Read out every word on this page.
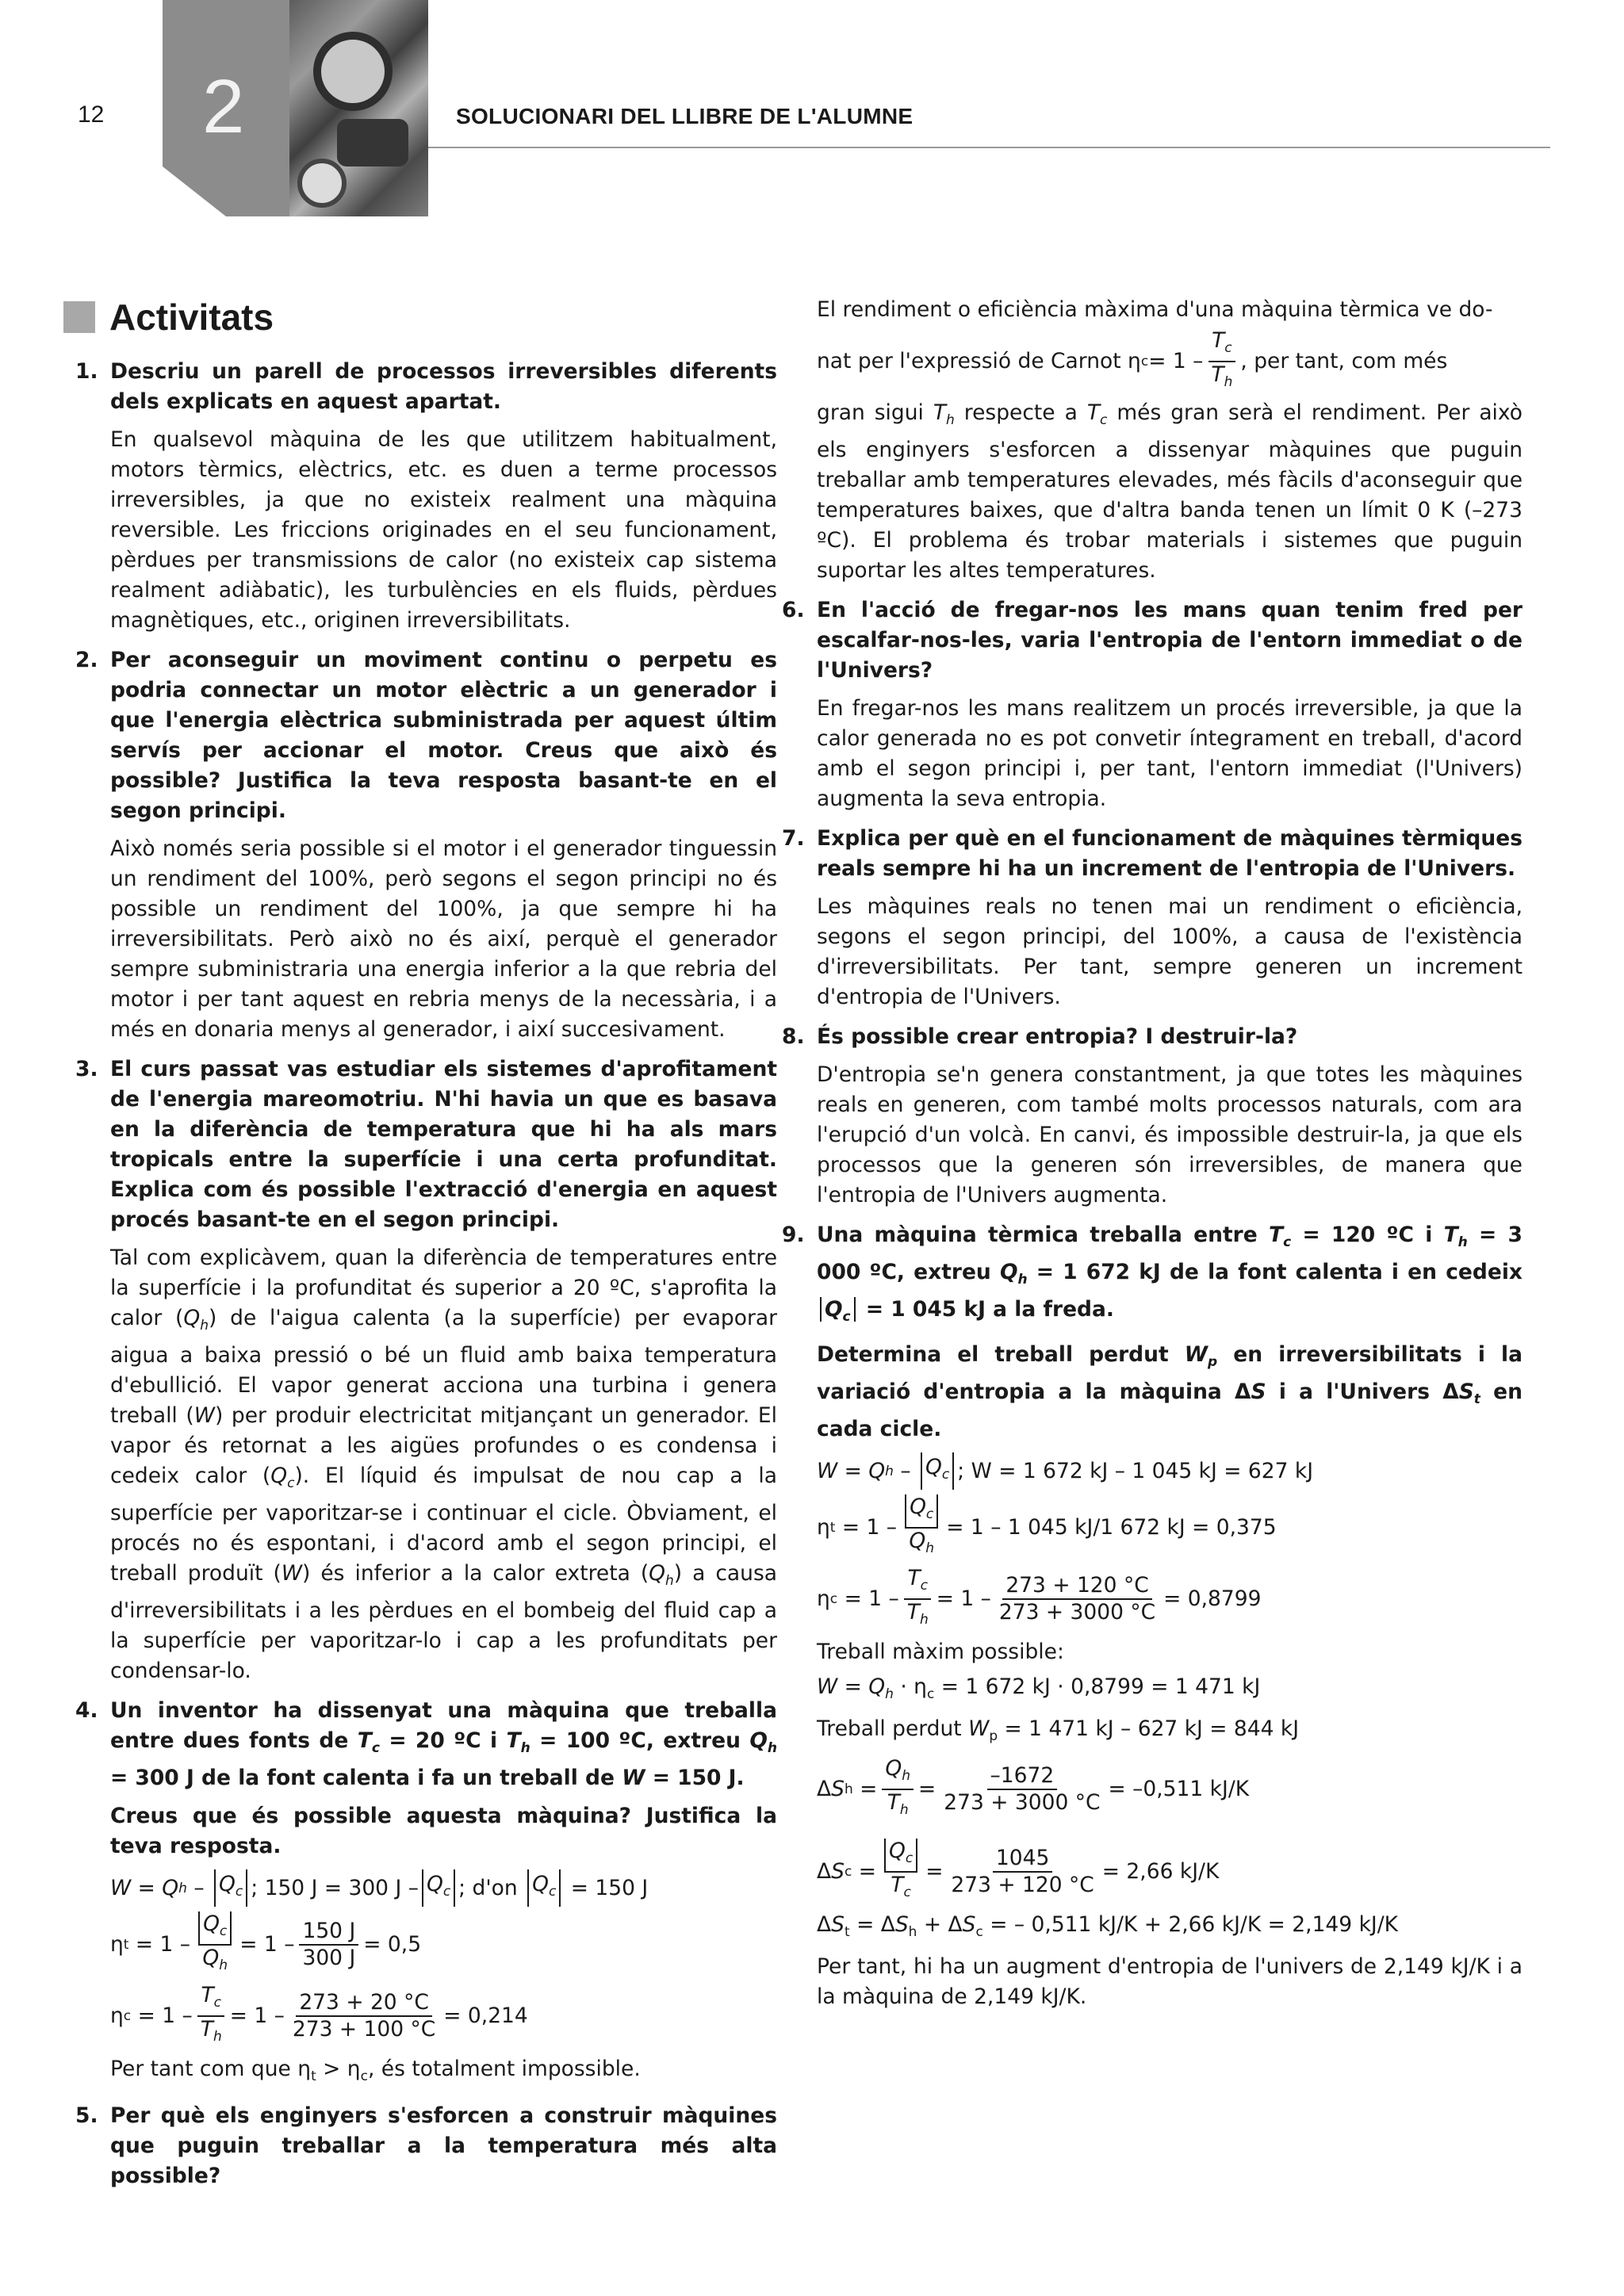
12 2	SOLUCIONARI DEL LLIBRE DE L'ALUMNE
Activitats
1. Descriu un parell de processos irreversibles diferents dels explicats en aquest apartat.
En qualsevol màquina de les que utilitzem habitualment, motors tèrmics, elèctrics, etc. es duen a terme processos irreversibles, ja que no existeix realment una màquina reversible. Les friccions originades en el seu funcionament, pèrdues per transmissions de calor (no existeix cap sistema realment adiàbatic), les turbulències en els fluids, pèrdues magnètiques, etc., originen irreversibilitats.
2. Per aconseguir un moviment continu o perpetu es podria connectar un motor elèctric a un generador i que l'energia elèctrica subministrada per aquest últim servís per accionar el motor. Creus que això és possible? Justifica la teva resposta basant-te en el segon principi.
Això només seria possible si el motor i el generador tinguessin un rendiment del 100%, però segons el segon principi no és possible un rendiment del 100%, ja que sempre hi ha irreversibilitats. Però això no és així, perquè el generador sempre subministraria una energia inferior a la que rebria del motor i per tant aquest en rebria menys de la necessària, i a més en donaria menys al generador, i així succesivament.
3. El curs passat vas estudiar els sistemes d'aprofitament de l'energia mareomotriu. N'hi havia un que es basava en la diferència de temperatura que hi ha als mars tropicals entre la superfície i una certa profunditat. Explica com és possible l'extracció d'energia en aquest procés basant-te en el segon principi.
Tal com explicàvem, quan la diferència de temperatures entre la superfície i la profunditat és superior a 20 ºC, s'aprofita la calor $(Q_h)$ de l'aigua calenta (a la superfície) per evaporar aigua a baixa pressió o bé un fluid amb baixa temperatura d'ebullició. El vapor generat acciona una turbina i genera treball (W) per produir electricitat mitjançant un generador. El vapor és retornat a les aigües profundes o es condensa i cedeix calor $(Q_c)$. El líquid és impulsat de nou cap a la superfície per vaporitzar-se i continuar el cicle. Òbviament, el procés no és espontani, i d'acord amb el segon principi, el treball produït (W) és inferior a la calor extreta $(Q_h)$ a causa d'irreversibilitats i a les pèrdues en el bombeig del fluid cap a la superfície per vaporitzar-lo i cap a les profunditats per condensar-lo.
4. Un inventor ha dissenyat una màquina que treballa entre dues fonts de $T_c = 20$ ºC i $T_h = 100$ ºC, extreu $Q_h = 300$ J de la font calenta i fa un treball de W = 150 J.
Creus que és possible aquesta màquina? Justifica la teva resposta.
W = Q h – $Q_c$ ; 150 J = 300 J – $Q_c$ ; d'on
$Q_c$
= 150 J
η $t = 1 - \frac{Q_c}{Q_h} = 1 - \frac{150 J}{300 J} = 0,5$
η $c = 1 - \frac{T_c}{T_h} = 1 - \frac{273 + 20 ^\circ C}{273 + 100 ^\circ C} = 0,214$
Per tant com que $\eta_t > \eta_c$, és totalment impossible.
5. Per què els enginyers s'esforcen a construir màquines que puguin treballar a la temperatura més alta possible?
El rendiment o eficiència màxima d'una màquina tèrmica ve do-
nat per l'expressió de Carnot η $c = 1 - \frac{T_c}{T_h}$ , per tant, com més
gran sigui $T_h$ respecte a $T_c$ més gran serà el rendiment. Per això els enginyers s'esforcen a dissenyar màquines que puguin treballar amb temperatures elevades, més fàcils d'aconseguir que temperatures baixes, que d'altra banda tenen un límit 0 K (–273 ºC). El problema és trobar materials i sistemes que puguin suportar les altes temperatures.
6. En l'acció de fregar-nos les mans quan tenim fred per escalfar-nos-les, varia l'entropia de l'entorn immediat o de l'Univers?
En fregar-nos les mans realitzem un procés irreversible, ja que la calor generada no es pot convetir íntegrament en treball, d'acord amb el segon principi i, per tant, l'entorn immediat (l'Univers) augmenta la seva entropia.
7. Explica per què en el funcionament de màquines tèrmiques reals sempre hi ha un increment de l'entropia de l'Univers.
Les màquines reals no tenen mai un rendiment o eficiència, segons el segon principi, del 100%, a causa de l'existència d'irreversibilitats. Per tant, sempre generen un increment d'entropia de l'Univers.
8. És possible crear entropia? I destruir-la?
D'entropia se'n genera constantment, ja que totes les màquines reals en generen, com també molts processos naturals, com ara l'erupció d'un volcà. En canvi, és impossible destruir-la, ja que els processos que la generen són irreversibles, de manera que l'entropia de l'Univers augmenta.
9. Una màquina tèrmica treballa entre $T_c = 120$ ºC i $T_h = 3$ 000 ºC, extreu $Q_h = 1$ 672 kJ de la font calenta i en cedeix $Q_c = 1$ 045 kJ a la freda.
Determina el treball perdut $W_p$ en irreversibilitats i la variació d'entropia a la màquina ΔS i a l'Univers $\Delta S_t$ en cada cicle.
W = Q h – $Q_c$ ; W = 1 672 kJ – 1 045 kJ = 627 kJ
η $t = 1 - \frac{Q_c}{Q_h} = 1 - 1$ 045 kJ/1 672 kJ = 0,375
η $c = 1 - \frac{T_c}{T_h} = 1 - \frac{273 + 120 ^\circ C}{273 + 3000 ^\circ C} = 0,8799$
Treball màxim possible:
$W = Q_h \cdot \eta_c = 1$ 672 kJ · 0,8799 = 1 471 kJ
Treball perdut $W_p = 1$ 471 kJ – 627 kJ = 844 kJ
Δ S $h = \frac{Q_h}{T_h} = \frac{-1672}{273 + 3000 ^\circ C} = -0,511$ kJ/K
Δ S $c = \frac{Q_c}{T_c} = \frac{1045}{273 + 120 ^\circ C} = 2,66$ kJ/K
$\Delta S_t = \Delta S_h + \Delta S_c$ = – 0,511 kJ/K + 2,66 kJ/K = 2,149 kJ/K
Per tant, hi ha un augment d'entropia de l'univers de 2,149 kJ/K i a la màquina de 2,149 kJ/K.
